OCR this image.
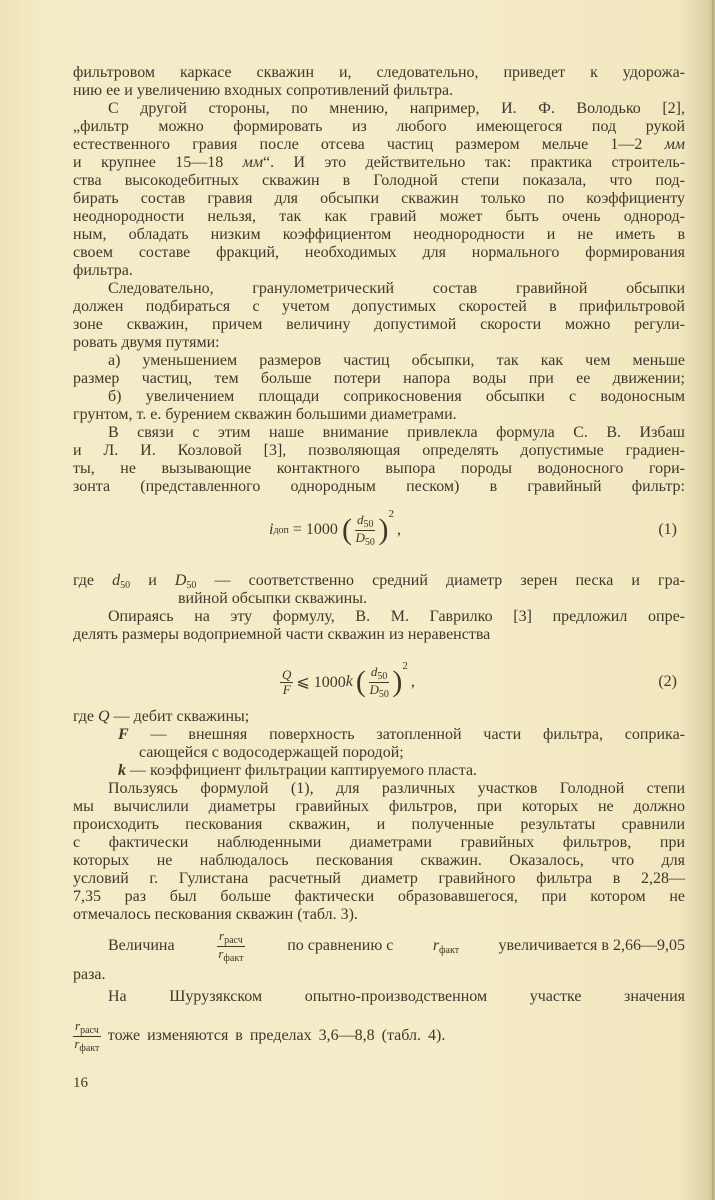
фильтровом каркасе скважин и, следовательно, приведет к удорожа-
нию ее и увеличению входных сопротивлений фильтра.
С другой стороны, по мнению, например, И. Ф. Володько [2],
„фильтр можно формировать из любого имеющегося под рукой
естественного гравия после отсева частиц размером мельче 1—2 мм
и крупнее 15—18 мм“. И это действительно так: практика строитель-
ства высокодебитных скважин в Голодной степи показала, что под-
бирать состав гравия для обсыпки скважин только по коэффициенту
неоднородности нельзя, так как гравий может быть очень однород-
ным, обладать низким коэффициентом неоднородности и не иметь в
своем составе фракций, необходимых для нормального формирования
фильтра.
Следовательно, гранулометрический состав гравийной обсыпки
должен подбираться с учетом допустимых скоростей в прифильтровой
зоне скважин, причем величину допустимой скорости можно регули-
ровать двумя путями:
а) уменьшением размеров частиц обсыпки, так как чем меньше
размер частиц, тем больше потери напора воды при ее движении;
б) увеличением площади соприкосновения обсыпки с водоносным
грунтом, т. е. бурением скважин большими диаметрами.
В связи с этим наше внимание привлекла формула С. В. Избаш
и Л. И. Козловой [3], позволяющая определять допустимые градиен-
ты, не вызывающие контактного выпора породы водоносного гори-
зонта (представленного однородным песком) в гравийный фильтр:
i доп = 1000 ( $\frac{d_{50}}{D_{50}}$ ) 2
,	(1)
где $d_{50}$ и $D_{50}$ — соответственно средний диаметр зерен песка и гра-
вийной обсыпки скважины.
Опираясь на эту формулу, В. М. Гаврилко [3] предложил опре-
делять размеры водоприемной части скважин из неравенства
$\frac{Q}{F}$ ⩽ 1000 k ( $\frac{d_{50}}{D_{50}}$ ) 2
,	(2)
где Q — дебит скважины;
F — внешняя поверхность затопленной части фильтра, соприка-
сающейся с водосодержащей породой;
k — коэффициент фильтрации каптируемого пласта.
Пользуясь формулой (1), для различных участков Голодной степи
мы вычислили диаметры гравийных фильтров, при которых не должно
происходить пескования скважин, и полученные результаты сравнили
с фактически наблюденными диаметрами гравийных фильтров, при
которых не наблюдалось пескования скважин. Оказалось, что для
условий г. Гулистана расчетный диаметр гравийного фильтра в 2,28—
7,35 раз был больше фактически образовавшегося, при котором не
отмечалось пескования скважин (табл. 3).
Величина	$\frac{r_{расч}}{r_{факт}}$	по сравнению с $r_{факт}$ увеличивается в 2,66—9,05
раза.
На Шурузякском опытно-производственном участке значения
$\frac{r_{расч}}{r_{факт}}$ тоже изменяются в пределах 3,6—8,8 (табл. 4).
16
